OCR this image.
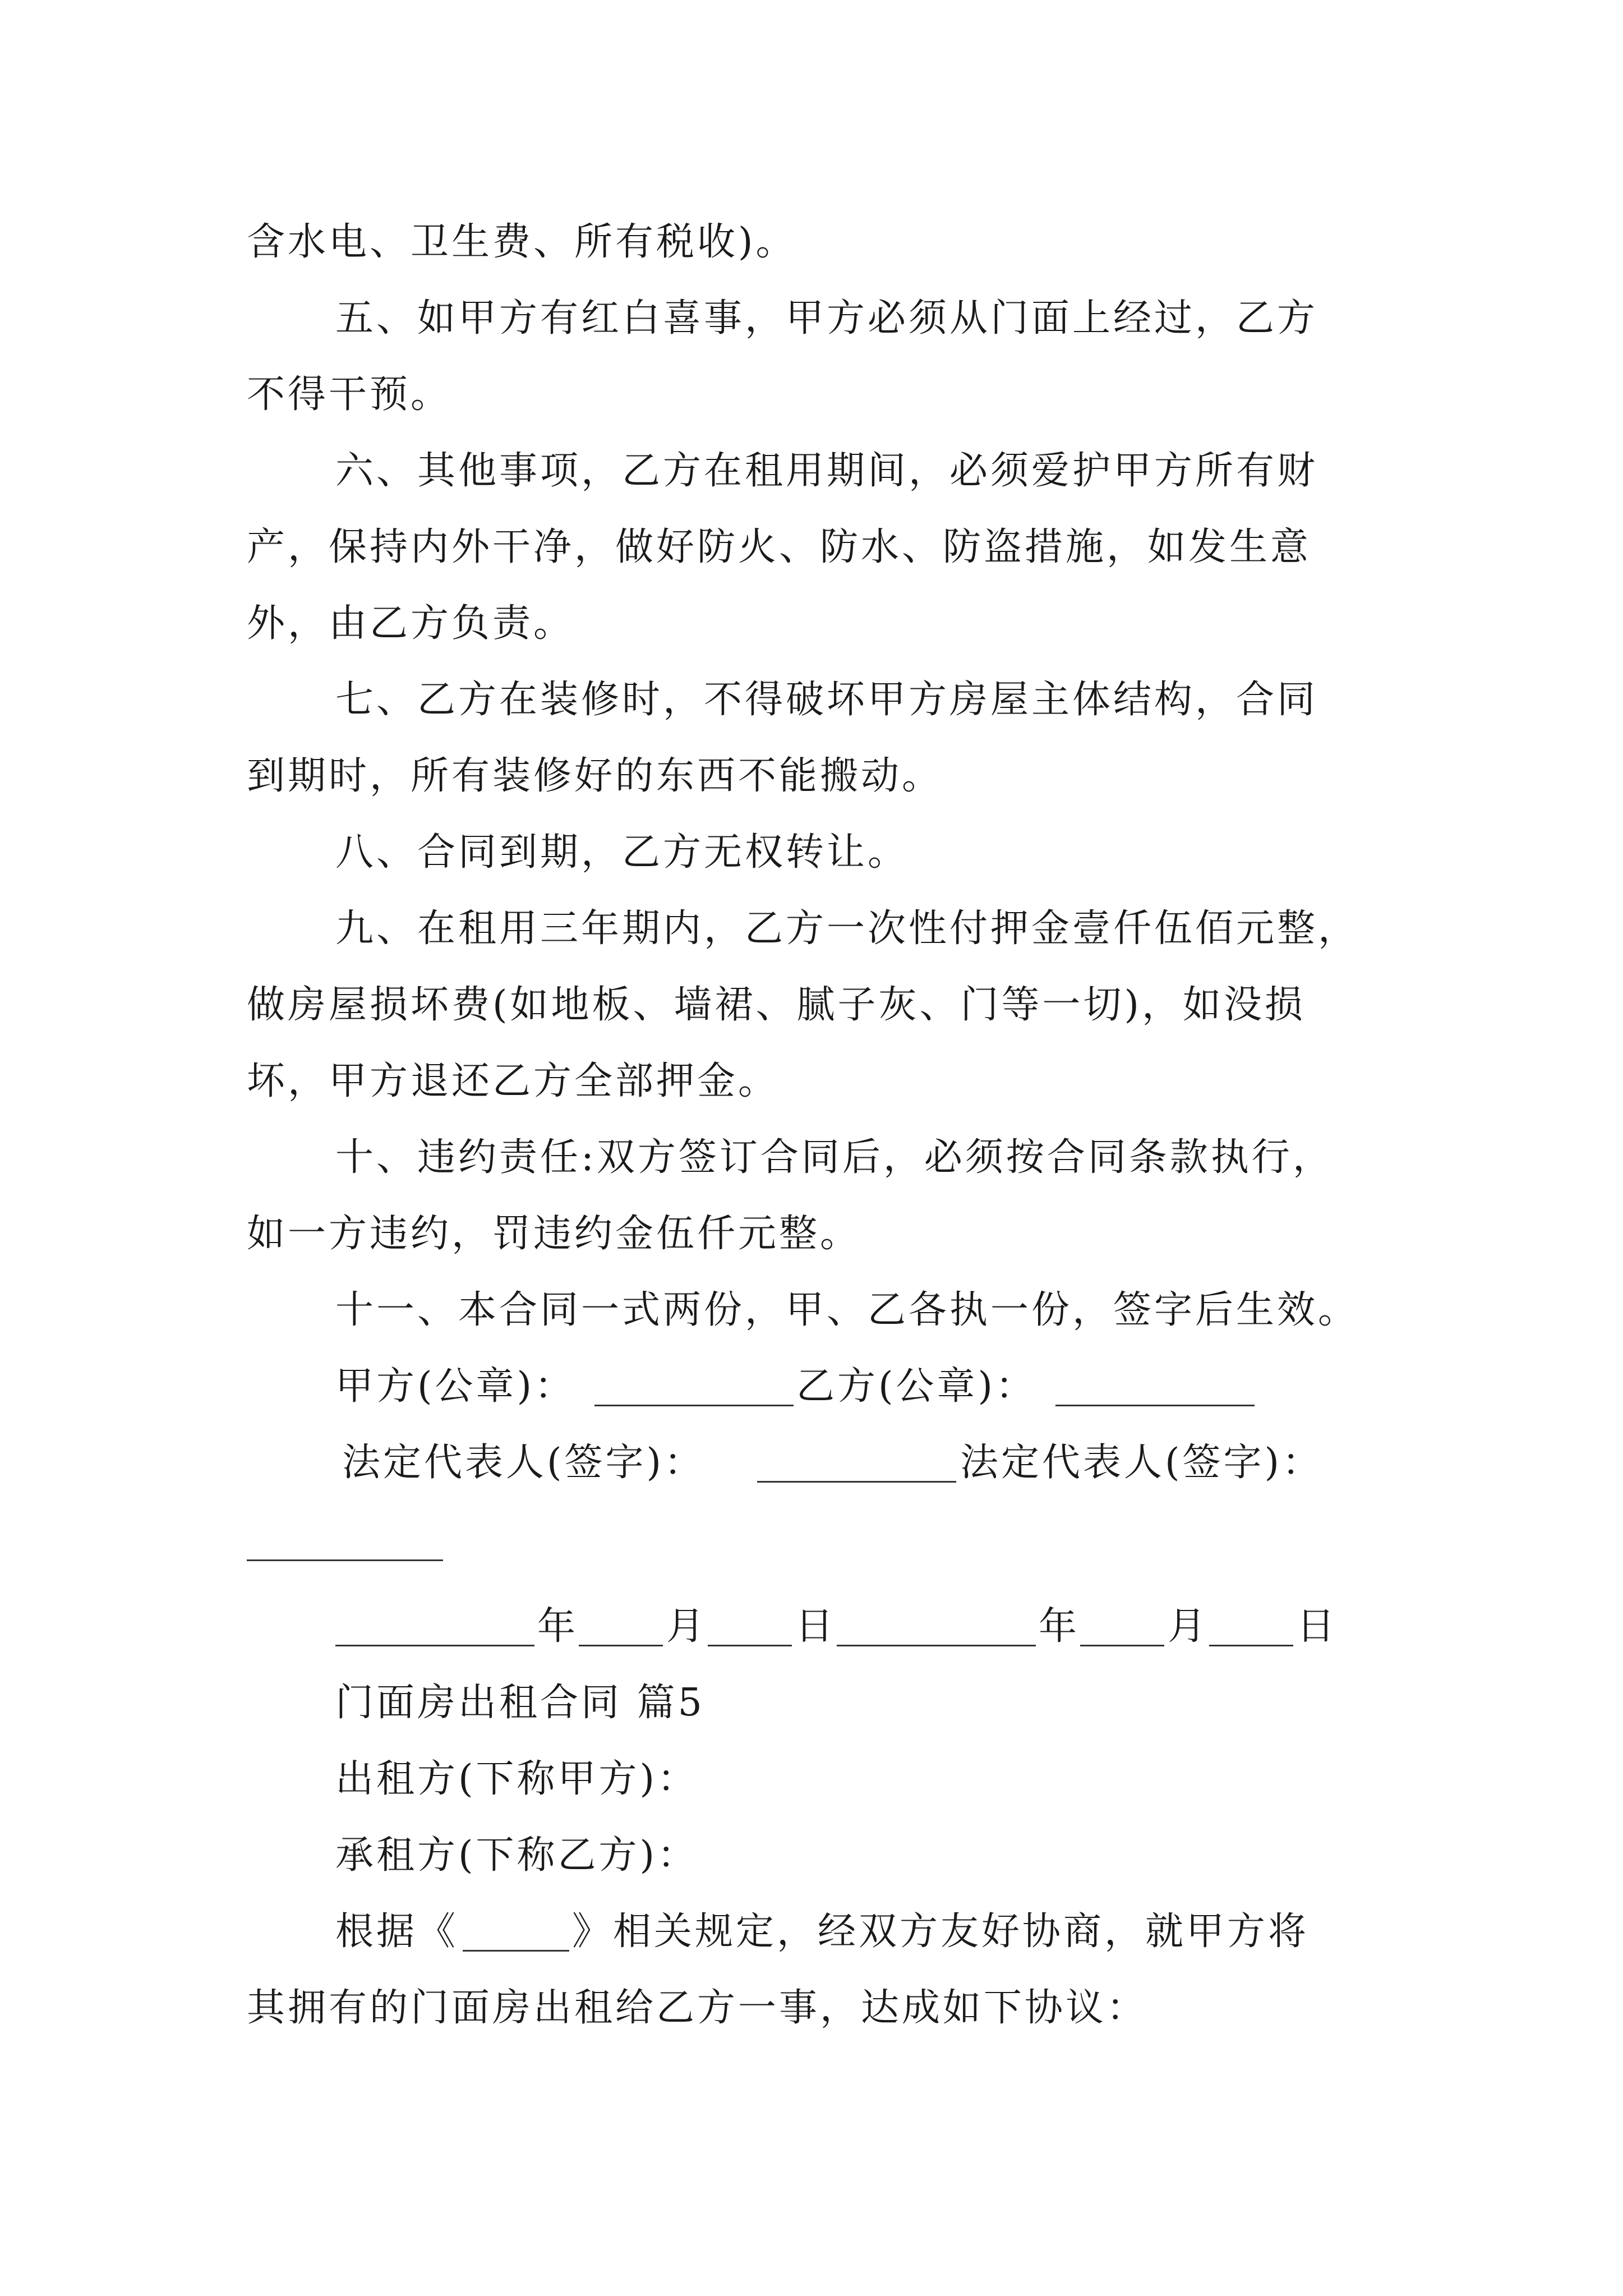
含水电、卫生费、所有税收)。
五、如甲方有红白喜事，甲方必须从门面上经过，乙方
不得干预。
六、其他事项，乙方在租用期间，必须爱护甲方所有财
产，保持内外干净，做好防火、防水、防盗措施，如发生意
外，由乙方负责。
七、乙方在装修时，不得破坏甲方房屋主体结构，合同
到期时，所有装修好的东西不能搬动。
八、合同到期，乙方无权转让。
九、在租用三年期内，乙方一次性付押金壹仟伍佰元整，
做房屋损坏费(如地板、墙裙、腻子灰、门等一切)，如没损
坏，甲方退还乙方全部押金。
十、违约责任:双方签订合同后，必须按合同条款执行，
如一方违约，罚违约金伍仟元整。
十一、本合同一式两份，甲、乙各执一份，签字后生效。
甲方(公章)：	乙方(公章)：
法定代表人(签字)：	法定代表人(签字)：
年 月 日	年 月 日
门面房出租合同 篇5
出租方(下称甲方)：
承租方(下称乙方)：
根据《	》相关规定，经双方友好协商，就甲方将
其拥有的门面房出租给乙方一事，达成如下协议：
